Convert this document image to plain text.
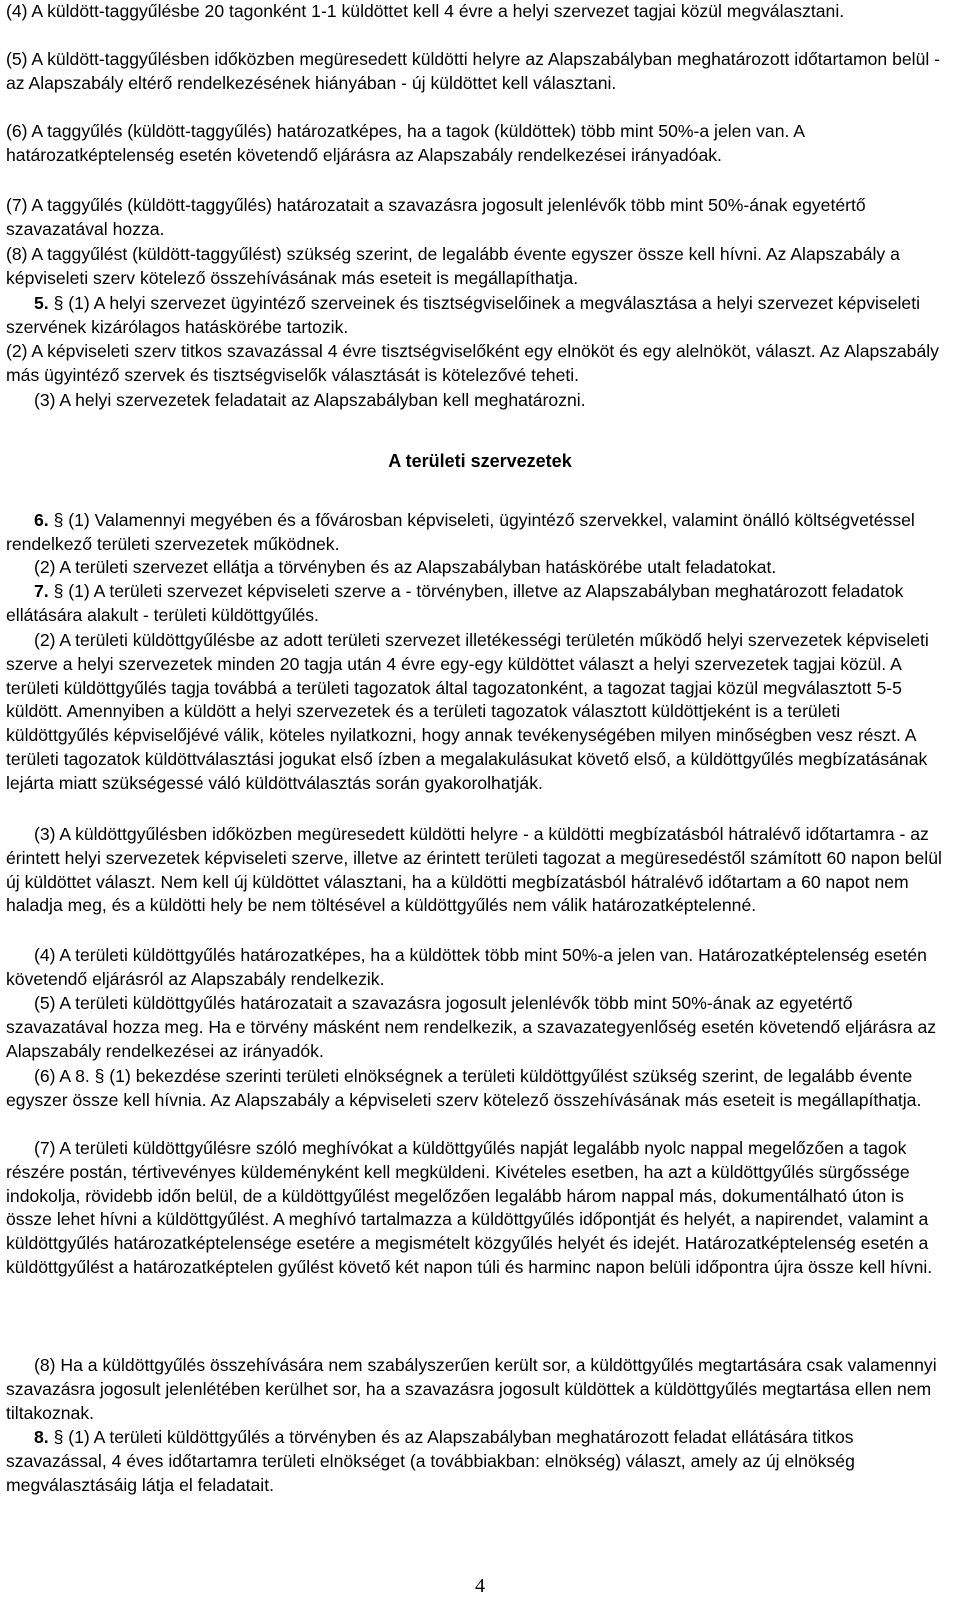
(4) A küldött-taggyűlésbe 20 tagonként 1-1 küldöttet kell 4 évre a helyi szervezet tagjai közül megválasztani.

(5) A küldött-taggyűlésben időközben megüresedett küldötti helyre az Alapszabályban meghatározott időtartamon belül - az Alapszabály eltérő rendelkezésének hiányában - új küldöttet kell választani.

(6) A taggyűlés (küldött-taggyűlés) határozatképes, ha a tagok (küldöttek) több mint 50%-a jelen van. A határozatképtelenség esetén követendő eljárásra az Alapszabály rendelkezései irányadóak.

(7) A taggyűlés (küldött-taggyűlés) határozatait a szavazásra jogosult jelenlévők több mint 50%-ának egyetértő szavazatával hozza.

(8) A taggyűlést (küldött-taggyűlést) szükség szerint, de legalább évente egyszer össze kell hívni. Az Alapszabály a képviseleti szerv kötelező összehívásának más eseteit is megállapíthatja.

5. § (1) A helyi szervezet ügyintéző szerveinek és tisztségviselőinek a megválasztása a helyi szervezet képviseleti szervének kizárólagos hatáskörébe tartozik.

(2) A képviseleti szerv titkos szavazással 4 évre tisztségviselőként egy elnököt és egy alelnököt, választ. Az Alapszabály más ügyintéző szervek és tisztségviselők választását is kötelezővé teheti.

(3) A helyi szervezetek feladatait az Alapszabályban kell meghatározni.

A területi szervezetek

6. § (1) Valamennyi megyében és a fővárosban képviseleti, ügyintéző szervekkel, valamint önálló költségvetéssel rendelkező területi szervezetek működnek.

(2) A területi szervezet ellátja a törvényben és az Alapszabályban hatáskörébe utalt feladatokat.

7. § (1) A területi szervezet képviseleti szerve a - törvényben, illetve az Alapszabályban meghatározott feladatok ellátására alakult - területi küldöttgyűlés.

(2) A területi küldöttgyűlésbe az adott területi szervezet illetékességi területén működő helyi szervezetek képviseleti szerve a helyi szervezetek minden 20 tagja után 4 évre egy-egy küldöttet választ a helyi szervezetek tagjai közül. A területi küldöttgyűlés tagja továbbá a területi tagozatok által tagozatonként, a tagozat tagjai közül megválasztott 5-5 küldött. Amennyiben a küldött a helyi szervezetek és a területi tagozatok választott küldöttjeként is a területi küldöttgyűlés képviselőjévé válik, köteles nyilatkozni, hogy annak tevékenységében milyen minőségben vesz részt. A területi tagozatok küldöttválasztási jogukat első ízben a megalakulásukat követő első, a küldöttgyűlés megbízatásának lejárta miatt szükségessé váló küldöttválasztás során gyakorolhatják.

(3) A küldöttgyűlésben időközben megüresedett küldötti helyre - a küldötti megbízatásból hátralévő időtartamra - az érintett helyi szervezetek képviseleti szerve, illetve az érintett területi tagozat a megüresedéstől számított 60 napon belül új küldöttet választ. Nem kell új küldöttet választani, ha a küldötti megbízatásból hátralévő időtartam a 60 napot nem haladja meg, és a küldötti hely be nem töltésével a küldöttgyűlés nem válik határozatképtelenné.

(4) A területi küldöttgyűlés határozatképes, ha a küldöttek több mint 50%-a jelen van. Határozatképtelenség esetén követendő eljárásról az Alapszabály rendelkezik.

(5) A területi küldöttgyűlés határozatait a szavazásra jogosult jelenlévők több mint 50%-ának az egyetértő szavazatával hozza meg. Ha e törvény másként nem rendelkezik, a szavazategyenlőség esetén követendő eljárásra az Alapszabály rendelkezései az irányadók.

(6) A 8. § (1) bekezdése szerinti területi elnökségnek a területi küldöttgyűlést szükség szerint, de legalább évente egyszer össze kell hívnia. Az Alapszabály a képviseleti szerv kötelező összehívásának más eseteit is megállapíthatja.

(7) A területi küldöttgyűlésre szóló meghívókat a küldöttgyűlés napját legalább nyolc nappal megelőzően a tagok részére postán, tértivevényes küldeményként kell megküldeni. Kivételes esetben, ha azt a küldöttgyűlés sürgőssége indokolja, rövidebb időn belül, de a küldöttgyűlést megelőzően legalább három nappal más, dokumentálható úton is össze lehet hívni a küldöttgyűlést. A meghívó tartalmazza a küldöttgyűlés időpontját és helyét, a napirendet, valamint a küldöttgyűlés határozatképtelensége esetére a megismételt közgyűlés helyét és idejét. Határozatképtelenség esetén a küldöttgyűlést a határozatképtelen gyűlést követő két napon túli és harminc napon belüli időpontra újra össze kell hívni.

(8) Ha a küldöttgyűlés összehívására nem szabályszerűen került sor, a küldöttgyűlés megtartására csak valamennyi szavazásra jogosult jelenlétében kerülhet sor, ha a szavazásra jogosult küldöttek a küldöttgyűlés megtartása ellen nem tiltakoznak.

8. § (1) A területi küldöttgyűlés a törvényben és az Alapszabályban meghatározott feladat ellátására titkos szavazással, 4 éves időtartamra területi elnökséget (a továbbiakban: elnökség) választ, amely az új elnökség megválasztásáig látja el feladatait.

4
